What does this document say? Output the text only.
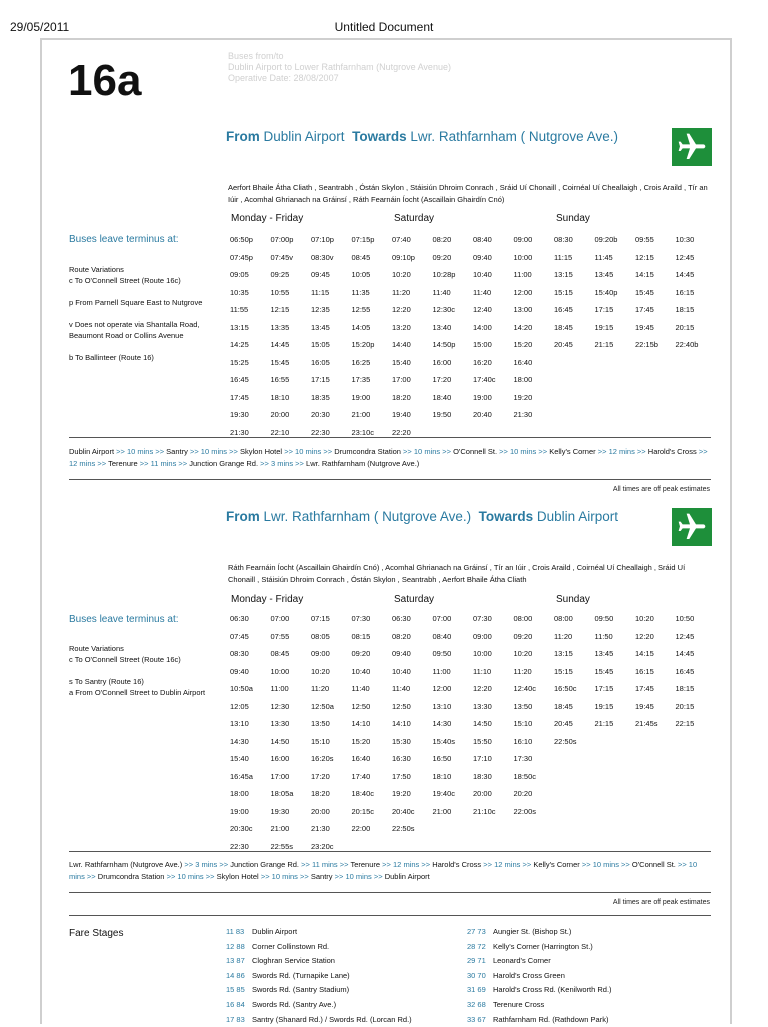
29/05/2011	Untitled Document
16a	Buses from/to
Dublin Airport to Lower Rathfarnham (Nutgrove Avenue)
Operative Date: 28/08/2007
From Dublin Airport Towards Lwr. Rathfarnham ( Nutgrove Ave.)
Aerfort Bhaile Átha Cliath , Seantrabh , Óstán Skylon , Stáisiún Dhroim Conrach , Sráid Uí Chonaill , Coirnéal Uí Cheallaigh , Crois Araild , Tír an Iúir , Acomhal Ghrianach na Gráinsí , Ráth Fearnáin Íocht (Ascaillain Ghairdín Cnó)
Monday - Friday	Saturday	Sunday
Buses leave terminus at:
Route Variations
c To O'Connell Street (Route 16c)
p From Parnell Square East to Nutgrove
v Does not operate via Shantalla Road,
Beaumont Road or Collins Avenue
b To Ballinteer (Route 16)
06:50p	07:00p	07:10p	07:15p	07:40	08:20	08:40	09:00	08:30	09:20b	09:55	10:30
07:45p	07:45v	08:30v	08:45	09:10p	09:20	09:40	10:00	11:15	11:45	12:15	12:45
09:05	09:25	09:45	10:05	10:20	10:28p	10:40	11:00	13:15	13:45	14:15	14:45
10:35	10:55	11:15	11:35	11:20	11:40	11:40	12:00	15:15	15:40p	15:45	16:15
11:55	12:15	12:35	12:55	12:20	12:30c	12:40	13:00	16:45	17:15	17:45	18:15
13:15	13:35	13:45	14:05	13:20	13:40	14:00	14:20	18:45	19:15	19:45	20:15
14:25	14:45	15:05	15:20p	14:40	14:50p	15:00	15:20	20:45	21:15	22:15b	22:40b
15:25	15:45	16:05	16:25	15:40	16:00	16:20	16:40
16:45	16:55	17:15	17:35	17:00	17:20	17:40c	18:00
17:45	18:10	18:35	19:00	18:20	18:40	19:00	19:20
19:30	20:00	20:30	21:00	19:40	19:50	20:40	21:30
21:30	22:10	22:30	23:10c	22:20
Dublin Airport >> 10 mins >> Santry >> 10 mins >> Skylon Hotel >> 10 mins >> Drumcondra Station >> 10 mins >> O'Connell St. >> 10 mins >> Kelly's Corner >> 12 mins >> Harold's Cross >> 12 mins >> Terenure >> 11 mins >> Junction Grange Rd. >> 3 mins >> Lwr. Rathfarnham (Nutgrove Ave.)
All times are off peak estimates
From Lwr. Rathfarnham ( Nutgrove Ave.) Towards Dublin Airport
Ráth Fearnáin Íocht (Ascaillain Ghairdín Cnó) , Acomhal Ghrianach na Gráinsí , Tír an Iúir , Crois Araild , Coirnéal Uí Cheallaigh , Sráid Uí Chonaill , Stáisiún Dhroim Conrach , Óstán Skylon , Seantrabh , Aerfort Bhaile Átha Cliath
Monday - Friday	Saturday	Sunday
Buses leave terminus at:
Route Variations
c To O'Connell Street (Route 16c)
s To Santry (Route 16)
a From O'Connell Street to Dublin Airport
06:30	07:00	07:15	07:30	06:30	07:00	07:30	08:00	08:00	09:50	10:20	10:50
07:45	07:55	08:05	08:15	08:20	08:40	09:00	09:20	11:20	11:50	12:20	12:45
08:30	08:45	09:00	09:20	09:40	09:50	10:00	10:20	13:15	13:45	14:15	14:45
09:40	10:00	10:20	10:40	10:40	11:00	11:10	11:20	15:15	15:45	16:15	16:45
10:50a	11:00	11:20	11:40	11:40	12:00	12:20	12:40c	16:50c	17:15	17:45	18:15
12:05	12:30	12:50a	12:50	12:50	13:10	13:30	13:50	18:45	19:15	19:45	20:15
13:10	13:30	13:50	14:10	14:10	14:30	14:50	15:10	20:45	21:15	21:45s	22:15
14:30	14:50	15:10	15:20	15:30	15:40s	15:50	16:10	22:50s
15:40	16:00	16:20s	16:40	16:30	16:50	17:10	17:30
16:45a	17:00	17:20	17:40	17:50	18:10	18:30	18:50c
18:00	18:05a	18:20	18:40c	19:20	19:40c	20:00	20:20
19:00	19:30	20:00	20:15c	20:40c	21:00	21:10c	22:00s
20:30c	21:00	21:30	22:00	22:50s
22:30	22:55s	23:20c
Lwr. Rathfarnham (Nutgrove Ave.) >> 3 mins >> Junction Grange Rd. >> 11 mins >> Terenure >> 12 mins >> Harold's Cross >> 12 mins >> Kelly's Corner >> 10 mins >> O'Connell St. >> 10 mins >> Drumcondra Station >> 10 mins >> Skylon Hotel >> 10 mins >> Santry >> 10 mins >> Dublin Airport
All times are off peak estimates
Fare Stages	11 83 Dublin Airport
12 88 Corner Collinstown Rd.
13 87 Cloghran Service Station
14 86 Swords Rd. (Turnapike Lane)
15 85 Swords Rd. (Santry Stadium)
16 84 Swords Rd. (Santry Ave.)
17 83 Santry (Shanard Rd.) / Swords Rd. (Lorcan Rd.)
27 73 Aungier St. (Bishop St.)
28 72 Kelly's Corner (Harrington St.)
29 71 Leonard's Corner
30 70 Harold's Cross Green
31 69 Harold's Cross Rd. (Kenilworth Rd.)
32 68 Terenure Cross
33 67 Rathfarnham Rd. (Rathdown Park)
